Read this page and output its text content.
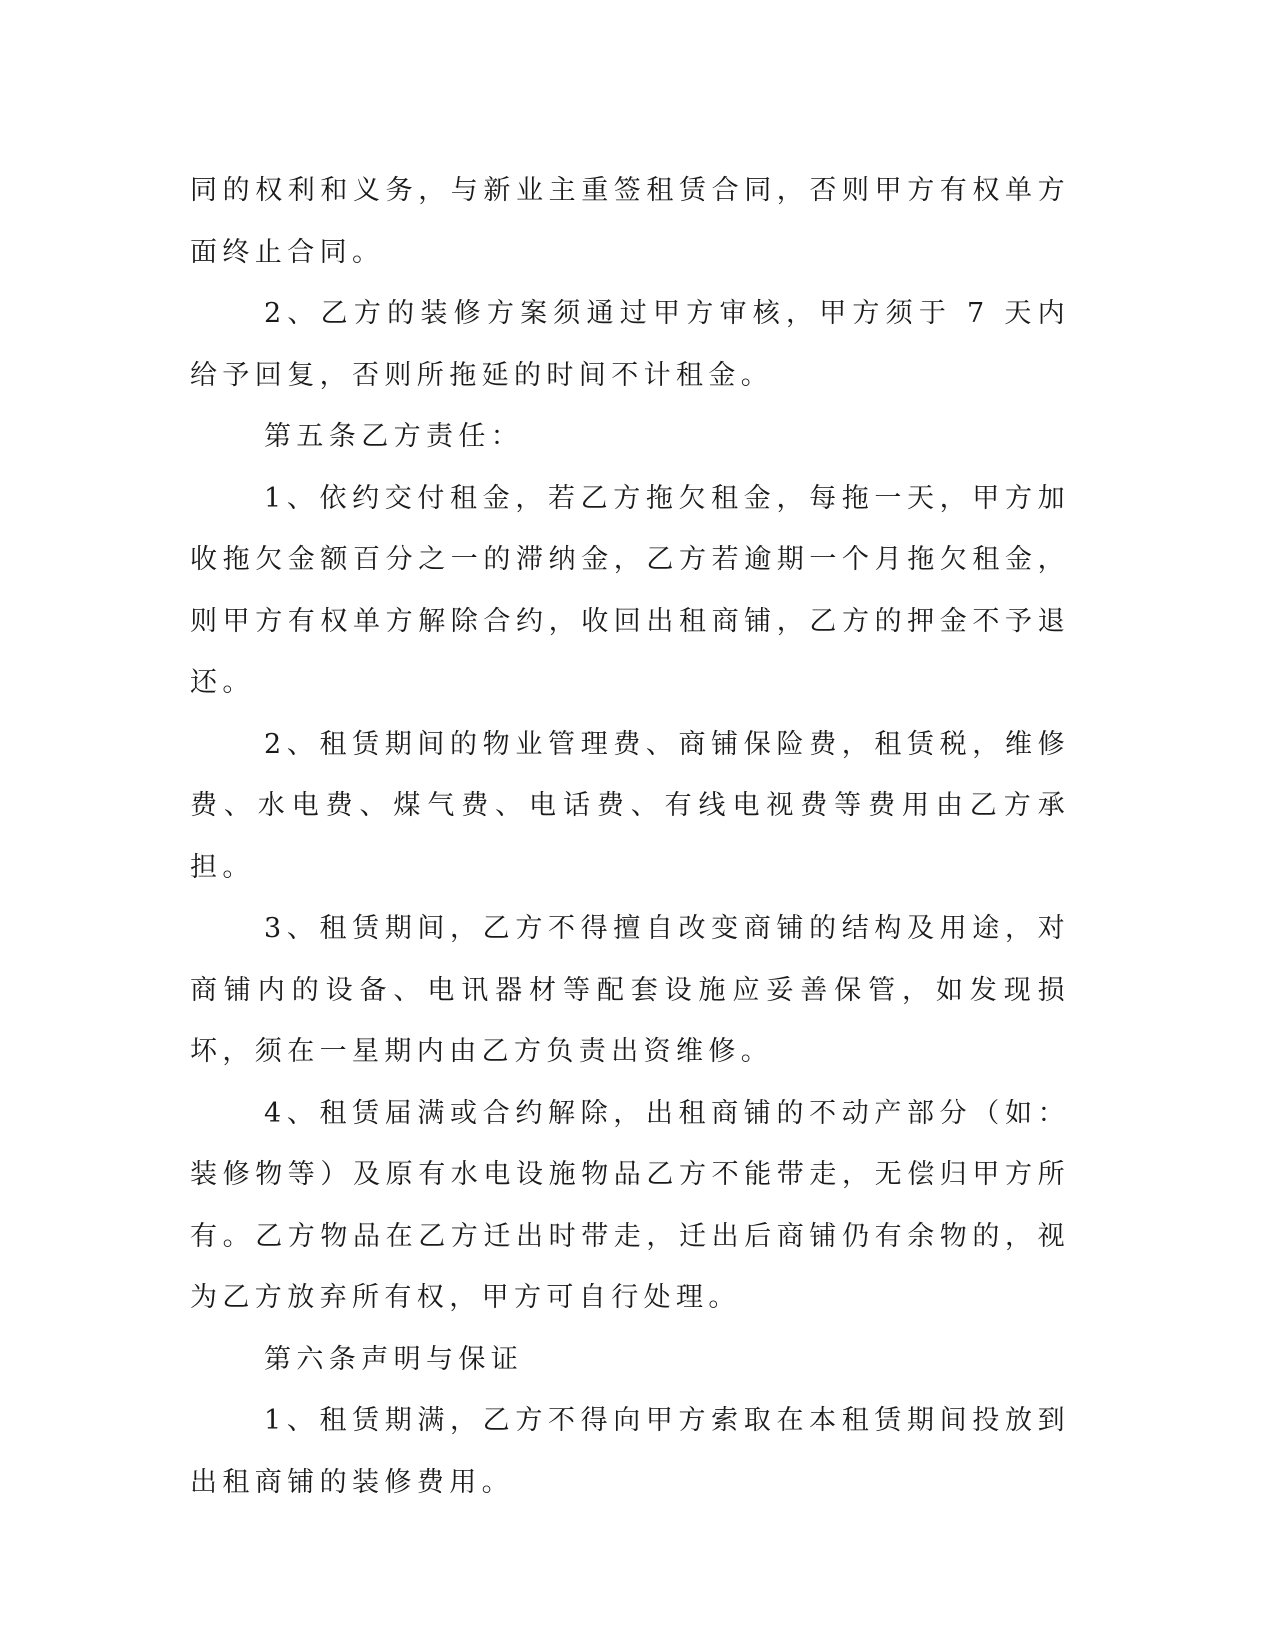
同的权利和义务，与新业主重签租赁合同，否则甲方有权单方面终止合同。

2、乙方的装修方案须通过甲方审核，甲方须于 7 天内给予回复，否则所拖延的时间不计租金。

第五条乙方责任：

1、依约交付租金，若乙方拖欠租金，每拖一天，甲方加收拖欠金额百分之一的滞纳金，乙方若逾期一个月拖欠租金，则甲方有权单方解除合约，收回出租商铺，乙方的押金不予退还。

2、租赁期间的物业管理费、商铺保险费，租赁税，维修费、水电费、煤气费、电话费、有线电视费等费用由乙方承担。

3、租赁期间，乙方不得擅自改变商铺的结构及用途，对商铺内的设备、电讯器材等配套设施应妥善保管，如发现损坏，须在一星期内由乙方负责出资维修。

4、租赁届满或合约解除，出租商铺的不动产部分（如：装修物等）及原有水电设施物品乙方不能带走，无偿归甲方所有。乙方物品在乙方迁出时带走，迁出后商铺仍有余物的，视为乙方放弃所有权，甲方可自行处理。

第六条声明与保证

1、租赁期满，乙方不得向甲方索取在本租赁期间投放到出租商铺的装修费用。
